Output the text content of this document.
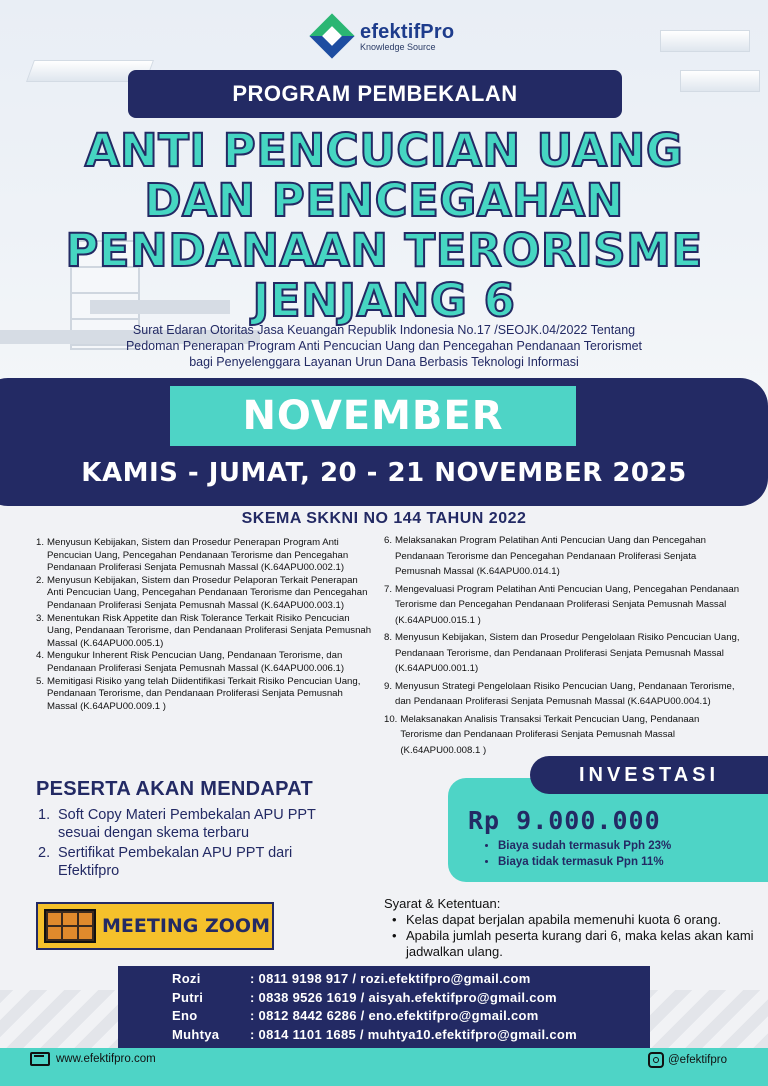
efektifPro
Knowledge Source
PROGRAM PEMBEKALAN
ANTI PENCUCIAN UANG
DAN PENCEGAHAN
PENDANAAN TERORISME
JENJANG 6
Surat Edaran Otoritas Jasa Keuangan Republik Indonesia No.17 /SEOJK.04/2022 Tentang
Pedoman Penerapan Program Anti Pencucian Uang dan Pencegahan Pendanaan Terorismet
bagi Penyelenggara Layanan Urun Dana Berbasis Teknologi Informasi
NOVEMBER
KAMIS - JUMAT, 20 - 21 NOVEMBER 2025
SKEMA SKKNI NO 144 TAHUN 2022
1. Menyusun Kebijakan, Sistem dan Prosedur Penerapan Program Anti Pencucian Uang, Pencegahan Pendanaan Terorisme dan Pencegahan Pendanaan Proliferasi Senjata Pemusnah Massal (K.64APU00.002.1)
2. Menyusun Kebijakan, Sistem dan Prosedur Pelaporan Terkait Penerapan Anti Pencucian Uang, Pencegahan Pendanaan Terorisme dan Pencegahan Pendanaan Proliferasi Senjata Pemusnah Massal (K.64APU00.003.1)
3. Menentukan Risk Appetite dan Risk Tolerance Terkait Risiko Pencucian Uang, Pendanaan Terorisme, dan Pendanaan Proliferasi Senjata Pemusnah Massal (K.64APU00.005.1)
4. Mengukur Inherent Risk Pencucian Uang, Pendanaan Terorisme, dan Pendanaan Proliferasi Senjata Pemusnah Massal (K.64APU00.006.1)
5. Memitigasi Risiko yang telah Diidentifikasi Terkait Risiko Pencucian Uang, Pendanaan Terorisme, dan Pendanaan Proliferasi Senjata Pemusnah Massal (K.64APU00.009.1 )
6. Melaksanakan Program Pelatihan Anti Pencucian Uang dan Pencegahan Pendanaan Terorisme dan Pencegahan Pendanaan Proliferasi Senjata Pemusnah Massal (K.64APU00.014.1)
7. Mengevaluasi Program Pelatihan Anti Pencucian Uang, Pencegahan Pendanaan Terorisme dan Pencegahan Pendanaan Proliferasi Senjata Pemusnah Massal (K.64APU00.015.1 )
8. Menyusun Kebijakan, Sistem dan Prosedur Pengelolaan Risiko Pencucian Uang, Pendanaan Terorisme, dan Pendanaan Proliferasi Senjata Pemusnah Massal (K.64APU00.001.1)
9. Menyusun Strategi Pengelolaan Risiko Pencucian Uang, Pendanaan Terorisme, dan Pendanaan Proliferasi Senjata Pemusnah Massal (K.64APU00.004.1)
10. Melaksanakan Analisis Transaksi Terkait Pencucian Uang, Pendanaan Terorisme dan Pendanaan Proliferasi Senjata Pemusnah Massal (K.64APU00.008.1 )
PESERTA AKAN MENDAPAT
1. Soft Copy Materi Pembekalan APU PPT sesuai dengan skema terbaru
2. Sertifikat Pembekalan APU PPT dari Efektifpro
MEETING ZOOM
INVESTASI
Rp 9.000.000
• Biaya sudah termasuk Pph 23%
• Biaya tidak termasuk Ppn 11%
Syarat & Ketentuan:
• Kelas dapat berjalan apabila memenuhi kuota 6 orang.
• Apabila jumlah peserta kurang dari 6, maka kelas akan kami jadwalkan ulang.
Rozi	: 0811 9198 917 / rozi.efektifpro@gmail.com
Putri	: 0838 9526 1619 / aisyah.efektifpro@gmail.com
Eno	: 0812 8442 6286 / eno.efektifpro@gmail.com
Muhtya	: 0814 1101 1685 / muhtya10.efektifpro@gmail.com
www.efektifpro.com	@efektifpro
